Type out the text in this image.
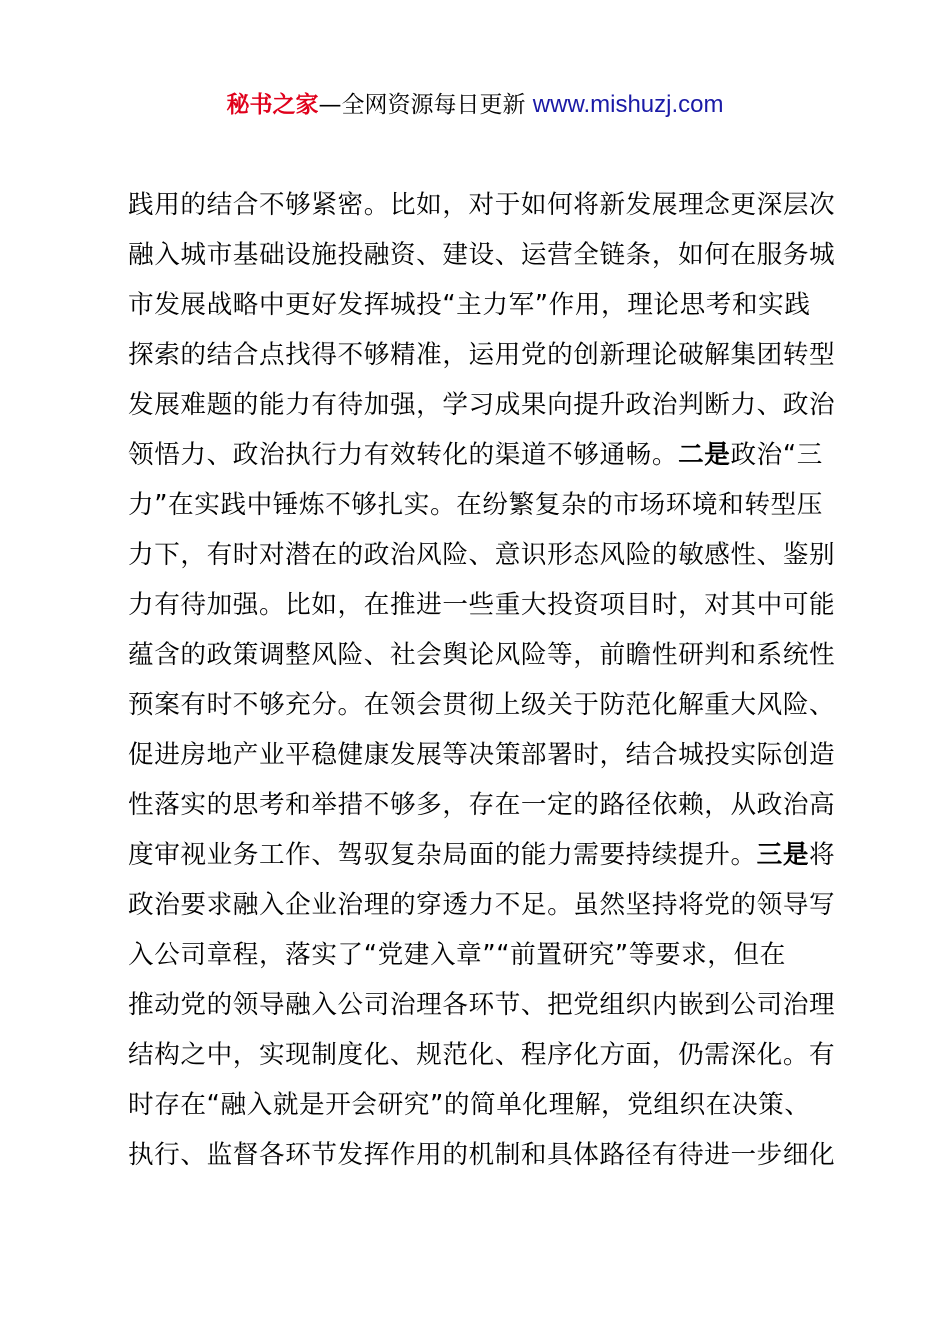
秘书之家—全网资源每日更新 www.mishuzj.com
践用的结合不够紧密。比如，对于如何将新发展理念更深层次
融入城市基础设施投融资、建设、运营全链条，如何在服务城
市发展战略中更好发挥城投“主力军”作用，理论思考和实践
探索的结合点找得不够精准，运用党的创新理论破解集团转型
发展难题的能力有待加强，学习成果向提升政治判断力、政治
领悟力、政治执行力有效转化的渠道不够通畅。二是政治“三
力”在实践中锤炼不够扎实。在纷繁复杂的市场环境和转型压
力下，有时对潜在的政治风险、意识形态风险的敏感性、鉴别
力有待加强。比如，在推进一些重大投资项目时，对其中可能
蕴含的政策调整风险、社会舆论风险等，前瞻性研判和系统性
预案有时不够充分。在领会贯彻上级关于防范化解重大风险、
促进房地产业平稳健康发展等决策部署时，结合城投实际创造
性落实的思考和举措不够多，存在一定的路径依赖，从政治高
度审视业务工作、驾驭复杂局面的能力需要持续提升。三是将
政治要求融入企业治理的穿透力不足。虽然坚持将党的领导写
入公司章程，落实了“党建入章”“前置研究”等要求，但在
推动党的领导融入公司治理各环节、把党组织内嵌到公司治理
结构之中，实现制度化、规范化、程序化方面，仍需深化。有
时存在“融入就是开会研究”的简单化理解，党组织在决策、
执行、监督各环节发挥作用的机制和具体路径有待进一步细化
